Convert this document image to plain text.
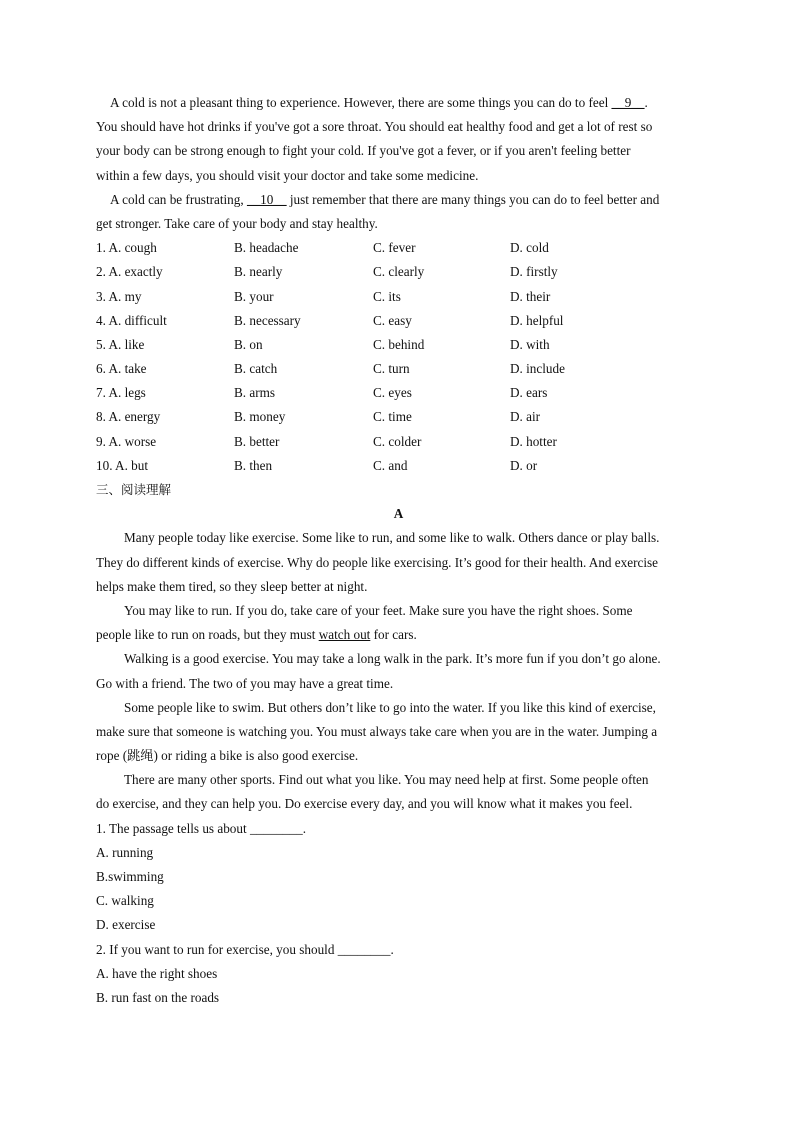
A cold is not a pleasant thing to experience. However, there are some things you can do to feel __9__.
You should have hot drinks if you've got a sore throat. You should eat healthy food and get a lot of rest so
your body can be strong enough to fight your cold. If you've got a fever, or if you aren't feeling better
within a few days, you should visit your doctor and take some medicine.
A cold can be frustrating, __10__ just remember that there are many things you can do to feel better and
get stronger. Take care of your body and stay healthy.
1. A. cough	B. headache	C. fever	D. cold
2. A. exactly	B. nearly	C. clearly	D. firstly
3. A. my	B. your	C. its	D. their
4. A. difficult	B. necessary	C. easy	D. helpful
5. A. like	B. on	C. behind	D. with
6. A. take	B. catch	C. turn	D. include
7. A. legs	B. arms	C. eyes	D. ears
8. A. energy	B. money	C. time	D. air
9. A. worse	B. better	C. colder	D. hotter
10. A. but	B. then	C. and	D. or
三、阅读理解
A
Many people today like exercise. Some like to run, and some like to walk. Others dance or play balls.
They do different kinds of exercise. Why do people like exercising. It’s good for their health. And exercise
helps make them tired, so they sleep better at night.
You may like to run. If you do, take care of your feet. Make sure you have the right shoes. Some
people like to run on roads, but they must watch out for cars.
Walking is a good exercise. You may take a long walk in the park. It’s more fun if you don’t go alone.
Go with a friend. The two of you may have a great time.
Some people like to swim. But others don’t like to go into the water. If you like this kind of exercise,
make sure that someone is watching you. You must always take care when you are in the water. Jumping a
rope (跳绳) or riding a bike is also good exercise.
There are many other sports. Find out what you like. You may need help at first. Some people often
do exercise, and they can help you. Do exercise every day, and you will know what it makes you feel.
1. The passage tells us about ________.
A. running
B.swimming
C. walking
D. exercise
2. If you want to run for exercise, you should ________.
A. have the right shoes
B. run fast on the roads
